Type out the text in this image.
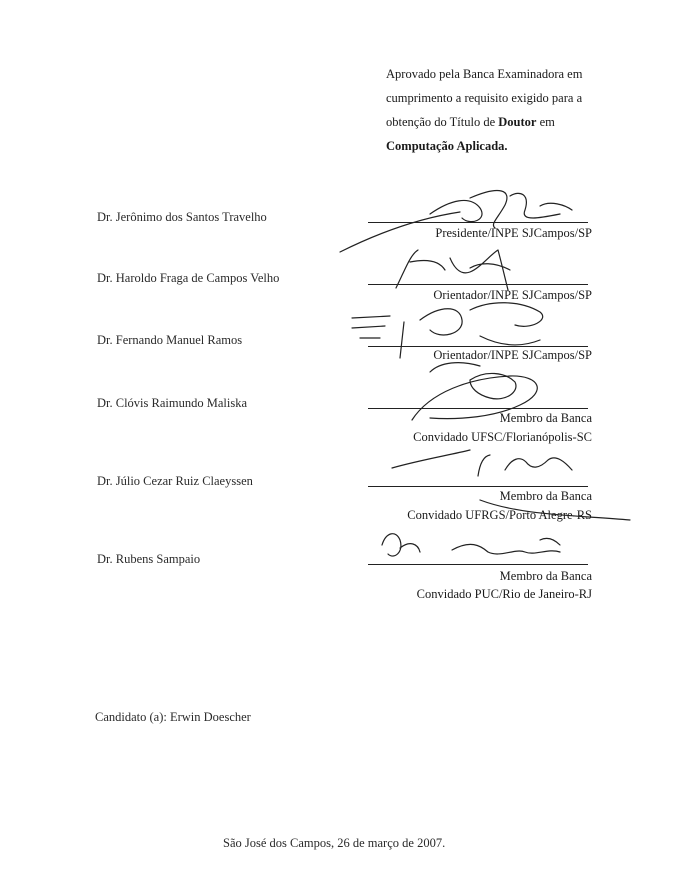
Aprovado pela Banca Examinadora em
cumprimento a requisito exigido para a
obtenção do Título de Doutor em
Computação Aplicada.
Dr. Jerônimo dos Santos Travelho
Presidente/INPE SJCampos/SP
Dr. Haroldo Fraga de Campos Velho
Orientador/INPE SJCampos/SP
Dr. Fernando Manuel Ramos
Orientador/INPE SJCampos/SP
Dr. Clóvis Raimundo Maliska
Membro da Banca
Convidado UFSC/Florianópolis-SC
Dr. Júlio Cezar Ruiz Claeyssen
Membro da Banca
Convidado UFRGS/Porto Alegre-RS
Dr. Rubens Sampaio
Membro da Banca
Convidado PUC/Rio de Janeiro-RJ
Candidato (a): Erwin Doescher
São José dos Campos, 26 de março de 2007.
